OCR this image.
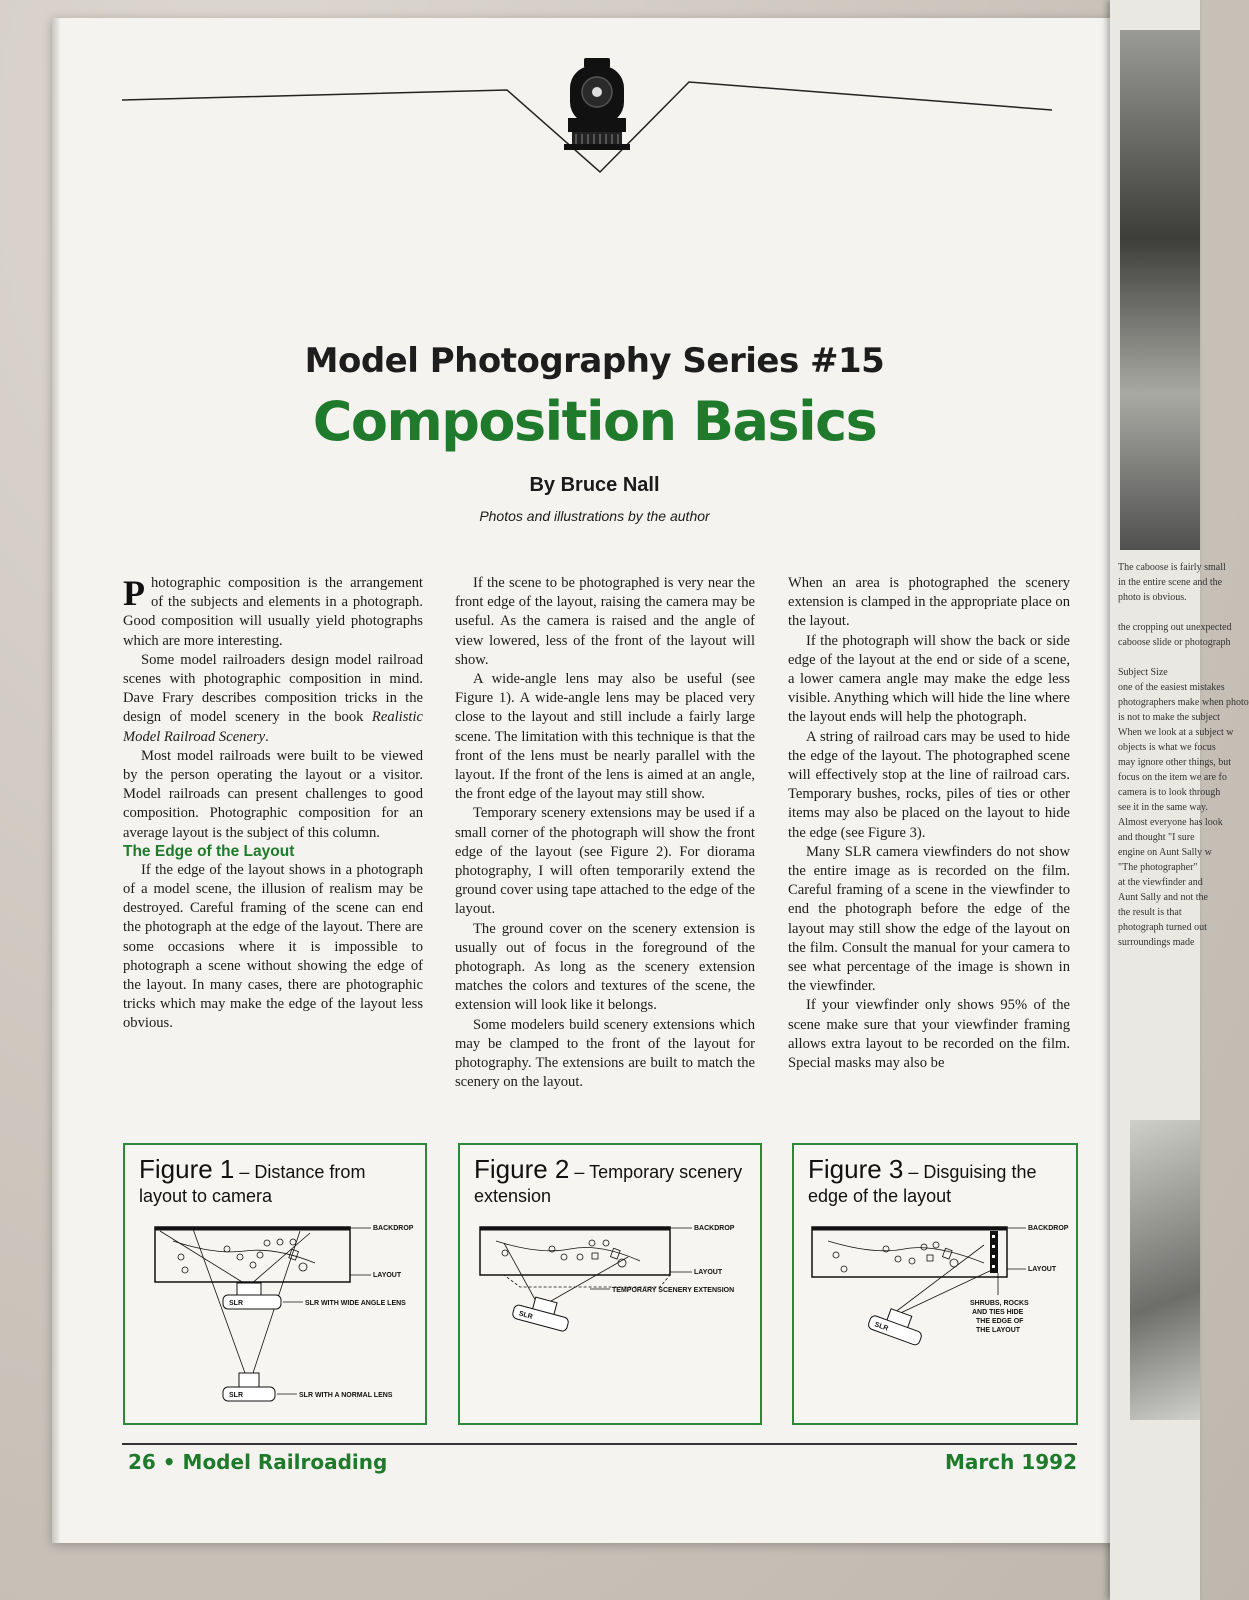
Model Photography Series #15
Composition Basics
By Bruce Nall
Photos and illustrations by the author

Photographic composition is the arrangement of the subjects and elements in a photograph. Good composition will usually yield photographs which are more interesting.

Some model railroaders design model railroad scenes with photographic composition in mind. Dave Frary describes composition tricks in the design of model scenery in the book Realistic Model Railroad Scenery.

Most model railroads were built to be viewed by the person operating the layout or a visitor. Model railroads can present challenges to good composition. Photographic composition for an average layout is the subject of this column.

The Edge of the Layout

If the edge of the layout shows in a photograph of a model scene, the illusion of realism may be destroyed. Careful framing of the scene can end the photograph at the edge of the layout. There are some occasions where it is impossible to photograph a scene without showing the edge of the layout. In many cases, there are photographic tricks which may make the edge of the layout less obvious.

If the scene to be photographed is very near the front edge of the layout, raising the camera may be useful. As the camera is raised and the angle of view lowered, less of the front of the layout will show.

A wide-angle lens may also be useful (see Figure 1). A wide-angle lens may be placed very close to the layout and still include a fairly large scene. The limitation with this technique is that the front of the lens must be nearly parallel with the layout. If the front of the lens is aimed at an angle, the front edge of the layout may still show.

Temporary scenery extensions may be used if a small corner of the photograph will show the front edge of the layout (see Figure 2). For diorama photography, I will often temporarily extend the ground cover using tape attached to the edge of the layout.

The ground cover on the scenery extension is usually out of focus in the foreground of the photograph. As long as the scenery extension matches the colors and textures of the scene, the extension will look like it belongs.

Some modelers build scenery extensions which may be clamped to the front of the layout for photography. The extensions are built to match the scenery on the layout.

When an area is photographed the scenery extension is clamped in the appropriate place on the layout.

If the photograph will show the back or side edge of the layout at the end or side of a scene, a lower camera angle may make the edge less visible. Anything which will hide the line where the layout ends will help the photograph.

A string of railroad cars may be used to hide the edge of the layout. The photographed scene will effectively stop at the line of railroad cars. Temporary bushes, rocks, piles of ties or other items may also be placed on the layout to hide the edge (see Figure 3).

Many SLR camera viewfinders do not show the entire image as is recorded on the film. Careful framing of a scene in the viewfinder to end the photograph before the edge of the layout may still show the edge of the layout on the film. Consult the manual for your camera to see what percentage of the image is shown in the viewfinder.

If your viewfinder only shows 95% of the scene make sure that your viewfinder framing allows extra layout to be recorded on the film. Special masks may also be

Figure 1 – Distance from layout to camera
SLR
SLR
BACKDROP
LAYOUT
SLR WITH WIDE ANGLE LENS
SLR WITH A NORMAL LENS
Figure 2 – Temporary scenery extension
SLR
BACKDROP
LAYOUT
TEMPORARY SCENERY EXTENSION
Figure 3 – Disguising the edge of the layout
SLR
BACKDROP
LAYOUT
SHRUBS, ROCKS
AND TIES HIDE
THE EDGE OF
THE LAYOUT
26 • Model Railroading	March 1992
The caboose is fairly small
in the entire scene and the
photo is obvious.

the cropping out unexpected
caboose slide or photograph

Subject Size
one of the easiest mistakes
photographers make when photo
is not to make the subject
When we look at a subject w
objects is what we focus
may ignore other things, but
focus on the item we are fo
camera is to look through
see it in the same way.
Almost everyone has look
and thought "I sure
engine on Aunt Sally w
"The photographer"
at the viewfinder and
Aunt Sally and not the
the result is that
photograph turned out
surroundings made
